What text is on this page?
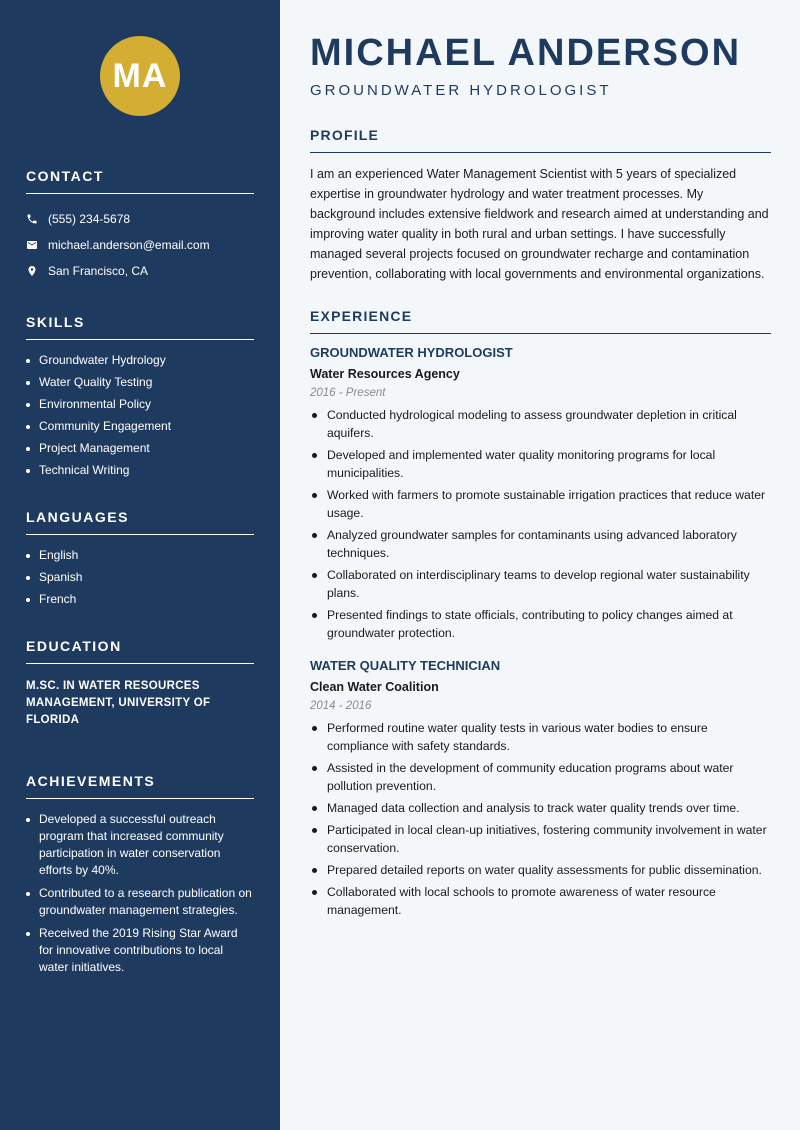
MA
CONTACT
(555) 234-5678
michael.anderson@email.com
San Francisco, CA
SKILLS
Groundwater Hydrology
Water Quality Testing
Environmental Policy
Community Engagement
Project Management
Technical Writing
LANGUAGES
English
Spanish
French
EDUCATION
M.SC. IN WATER RESOURCES MANAGEMENT, UNIVERSITY OF FLORIDA
ACHIEVEMENTS
Developed a successful outreach program that increased community participation in water conservation efforts by 40%.
Contributed to a research publication on groundwater management strategies.
Received the 2019 Rising Star Award for innovative contributions to local water initiatives.
MICHAEL ANDERSON
GROUNDWATER HYDROLOGIST
PROFILE

I am an experienced Water Management Scientist with 5 years of specialized expertise in groundwater hydrology and water treatment processes. My background includes extensive fieldwork and research aimed at understanding and improving water quality in both rural and urban settings. I have successfully managed several projects focused on groundwater recharge and contamination prevention, collaborating with local governments and environmental organizations.

EXPERIENCE
GROUNDWATER HYDROLOGIST
Water Resources Agency
2016 - Present
Conducted hydrological modeling to assess groundwater depletion in critical aquifers.
Developed and implemented water quality monitoring programs for local municipalities.
Worked with farmers to promote sustainable irrigation practices that reduce water usage.
Analyzed groundwater samples for contaminants using advanced laboratory techniques.
Collaborated on interdisciplinary teams to develop regional water sustainability plans.
Presented findings to state officials, contributing to policy changes aimed at groundwater protection.
WATER QUALITY TECHNICIAN
Clean Water Coalition
2014 - 2016
Performed routine water quality tests in various water bodies to ensure compliance with safety standards.
Assisted in the development of community education programs about water pollution prevention.
Managed data collection and analysis to track water quality trends over time.
Participated in local clean-up initiatives, fostering community involvement in water conservation.
Prepared detailed reports on water quality assessments for public dissemination.
Collaborated with local schools to promote awareness of water resource management.
